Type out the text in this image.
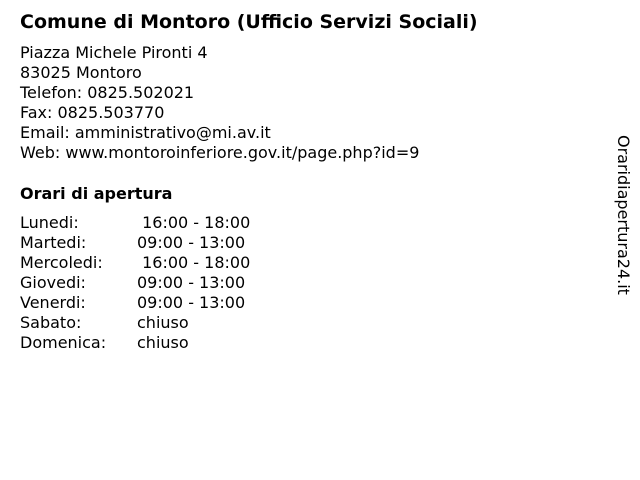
Comune di Montoro (Ufficio Servizi Sociali)
Piazza Michele Pironti 4
83025 Montoro
Telefon: 0825.502021
Fax: 0825.503770
Email: amministrativo@mi.av.it
Web: www.montoroinferiore.gov.it/page.php?id=9
Orari di apertura
Lunedi:	16:00 - 18:00
Martedi:	09:00 - 13:00
Mercoledi:	16:00 - 18:00
Giovedi:	09:00 - 13:00
Venerdi:	09:00 - 13:00
Sabato:	chiuso
Domenica:	chiuso
Oraridiapertura24.it
